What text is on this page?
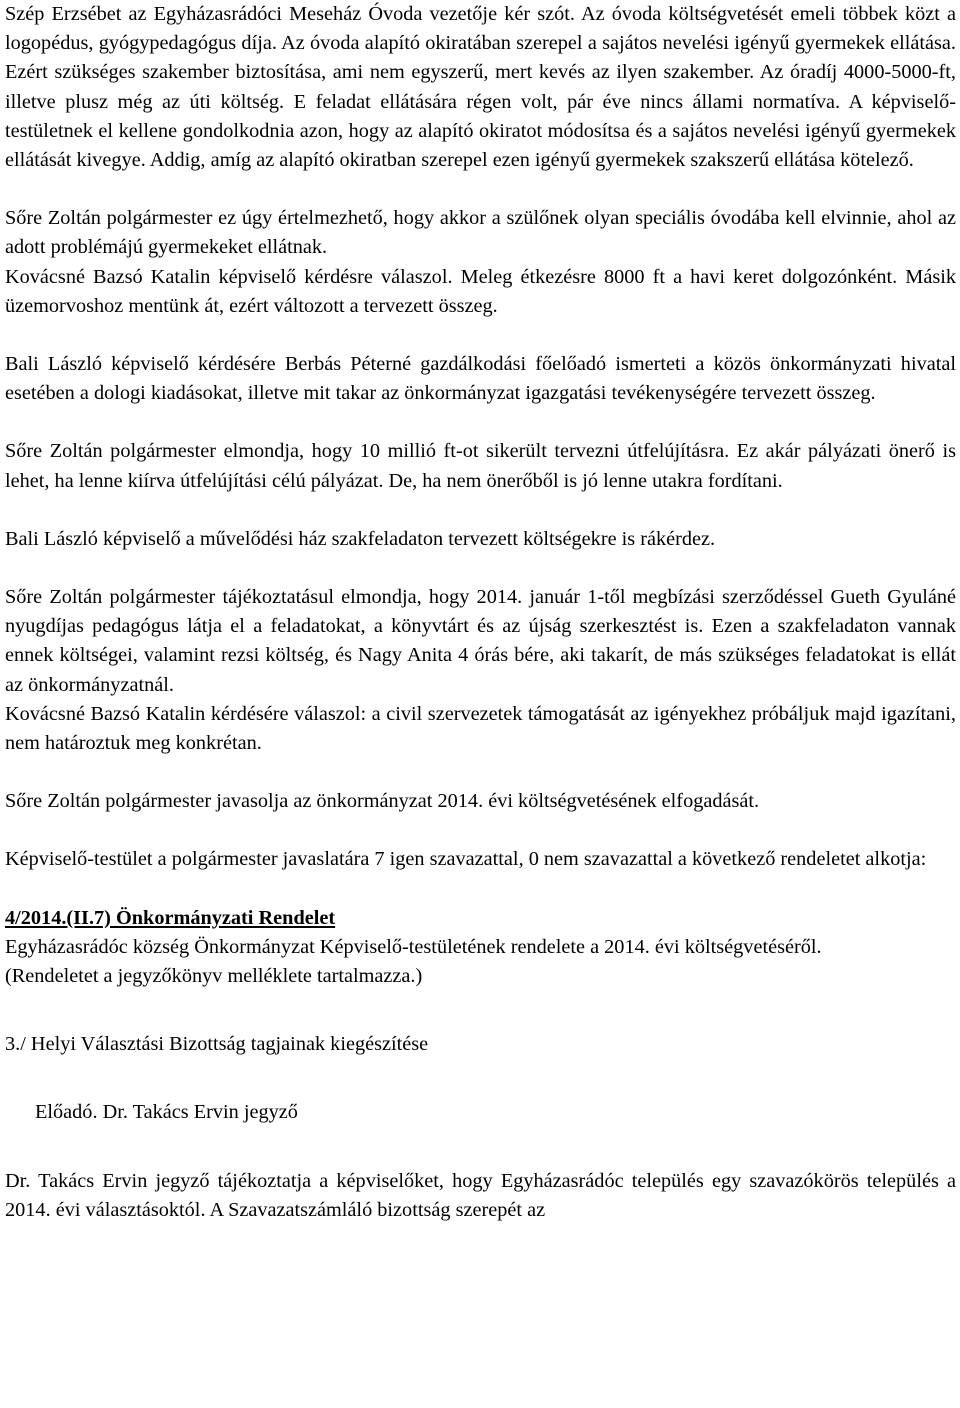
Szép Erzsébet az Egyházasrádóci Meseház Óvoda vezetője kér szót. Az óvoda költségvetését emeli többek közt a logopédus, gyógypedagógus díja. Az óvoda alapító okiratában szerepel a sajátos nevelési igényű gyermekek ellátása. Ezért szükséges szakember biztosítása, ami nem egyszerű, mert kevés az ilyen szakember. Az óradíj 4000-5000-ft, illetve plusz még az úti költség. E feladat ellátására régen volt, pár éve nincs állami normatíva. A képviselő-testületnek el kellene gondolkodnia azon, hogy az alapító okiratot módosítsa és a sajátos nevelési igényű gyermekek ellátását kivegye. Addig, amíg az alapító okiratban szerepel ezen igényű gyermekek szakszerű ellátása kötelező.

Sőre Zoltán polgármester ez úgy értelmezhető, hogy akkor a szülőnek olyan speciális óvodába kell elvinnie, ahol az adott problémájú gyermekeket ellátnak.

Kovácsné Bazsó Katalin képviselő kérdésre válaszol. Meleg étkezésre 8000 ft a havi keret dolgozónként. Másik üzemorvoshoz mentünk át, ezért változott a tervezett összeg.

Bali László képviselő kérdésére Berbás Péterné gazdálkodási főelőadó ismerteti a közös önkormányzati hivatal esetében a dologi kiadásokat, illetve mit takar az önkormányzat igazgatási tevékenységére tervezett összeg.

Sőre Zoltán polgármester elmondja, hogy 10 millió ft-ot sikerült tervezni útfelújításra. Ez akár pályázati önerő is lehet, ha lenne kiírva útfelújítási célú pályázat. De, ha nem önerőből is jó lenne utakra fordítani.

Bali László képviselő a művelődési ház szakfeladaton tervezett költségekre is rákérdez.

Sőre Zoltán polgármester tájékoztatásul elmondja, hogy 2014. január 1-től megbízási szerződéssel Gueth Gyuláné nyugdíjas pedagógus látja el a feladatokat, a könyvtárt és az újság szerkesztést is. Ezen a szakfeladaton vannak ennek költségei, valamint rezsi költség, és Nagy Anita 4 órás bére, aki takarít, de más szükséges feladatokat is ellát az önkormányzatnál.

Kovácsné Bazsó Katalin kérdésére válaszol: a civil szervezetek támogatását az igényekhez próbáljuk majd igazítani, nem határoztuk meg konkrétan.

Sőre Zoltán polgármester javasolja az önkormányzat 2014. évi költségvetésének elfogadását.

Képviselő-testület a polgármester javaslatára 7 igen szavazattal, 0 nem szavazattal a következő rendeletet alkotja:

4/2014.(II.7) Önkormányzati Rendelet

Egyházasrádóc község Önkormányzat Képviselő-testületének rendelete a 2014. évi költségvetéséről.

(Rendeletet a jegyzőkönyv melléklete tartalmazza.)

3./ Helyi Választási Bizottság tagjainak kiegészítése

Előadó. Dr. Takács Ervin jegyző

Dr. Takács Ervin jegyző tájékoztatja a képviselőket, hogy Egyházasrádóc település egy szavazókörös település a 2014. évi választásoktól. A Szavazatszámláló bizottság szerepét az
